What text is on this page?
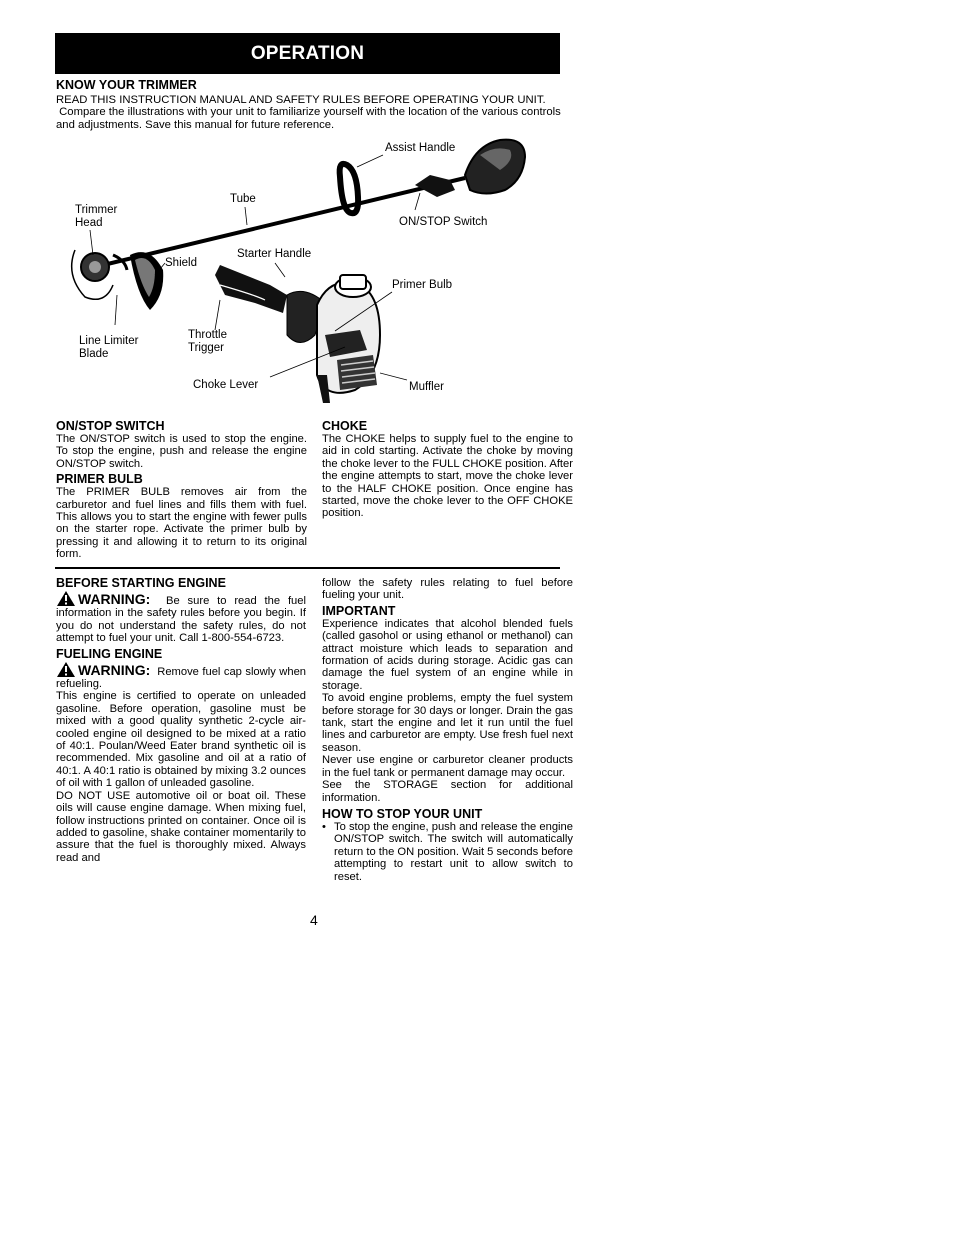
OPERATION
KNOW YOUR TRIMMER
READ THIS INSTRUCTION MANUAL AND SAFETY RULES BEFORE OPERATING YOUR UNIT.
Compare the illustrations with your unit to familiarize yourself with the location of the various controls
and adjustments. Save this manual for future reference.
Assist Handle
Tube
ON/STOP Switch
Trimmer
Head
Shield
Starter Handle
Primer Bulb
Line Limiter
Blade
Throttle
Trigger
Choke Lever	Muffler
ON/STOP SWITCH

The ON/STOP switch is used to stop the engine. To stop the engine, push and release the engine ON/STOP switch.

PRIMER BULB

The PRIMER BULB removes air from the carburetor and fuel lines and fills them with fuel. This allows you to start the engine with fewer pulls on the starter rope. Activate the primer bulb by pressing it and allowing it to return to its original form.

CHOKE

The CHOKE helps to supply fuel to the engine to aid in cold starting. Activate the choke by moving the choke lever to the FULL CHOKE position. After the engine attempts to start, move the choke lever to the HALF CHOKE position. Once engine has started, move the choke lever to the OFF CHOKE position.

BEFORE STARTING ENGINE

WARNING: Be sure to read the fuel information in the safety rules before you begin. If you do not understand the safety rules, do not attempt to fuel your unit. Call 1-800-554-6723.

FUELING ENGINE

WARNING: Remove fuel cap slowly when refueling.

This engine is certified to operate on unleaded gasoline. Before operation, gasoline must be mixed with a good quality synthetic 2-cycle air-cooled engine oil designed to be mixed at a ratio of 40:1. Poulan/Weed Eater brand synthetic oil is recommended. Mix gasoline and oil at a ratio of 40:1. A 40:1 ratio is obtained by mixing 3.2 ounces of oil with 1 gallon of unleaded gasoline.

DO NOT USE automotive oil or boat oil. These oils will cause engine damage. When mixing fuel, follow instructions printed on container. Once oil is added to gasoline, shake container momentarily to assure that the fuel is thoroughly mixed. Always read and

follow the safety rules relating to fuel before fueling your unit.

IMPORTANT

Experience indicates that alcohol blended fuels (called gasohol or using ethanol or methanol) can attract moisture which leads to separation and formation of acids during storage. Acidic gas can damage the fuel system of an engine while in storage.

To avoid engine problems, empty the fuel system before storage for 30 days or longer. Drain the gas tank, start the engine and let it run until the fuel lines and carburetor are empty. Use fresh fuel next season.

Never use engine or carburetor cleaner products in the fuel tank or permanent damage may occur.

See the STORAGE section for additional information.

HOW TO STOP YOUR UNIT
• To stop the engine, push and release the engine ON/STOP switch. The switch will automatically return to the ON position. Wait 5 seconds before attempting to restart unit to allow switch to reset.
4
